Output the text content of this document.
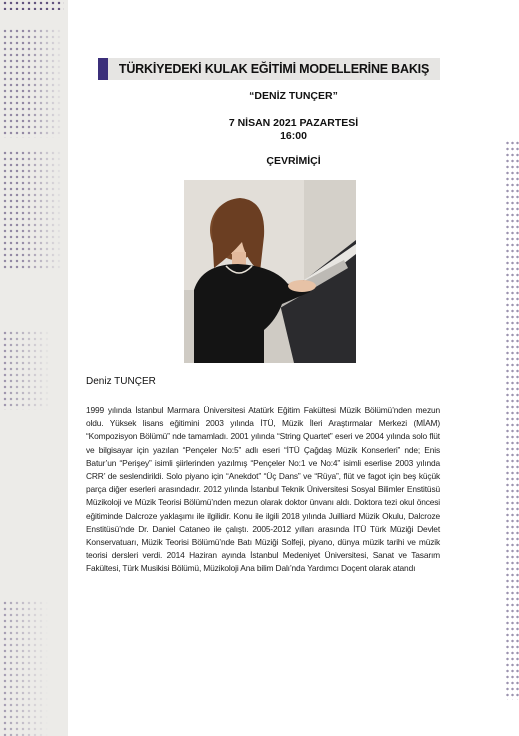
TÜRKİYEDEKİ KULAK EĞİTİMİ MODELLERİNE BAKIŞ
“DENİZ TUNÇER”
7 NİSAN 2021 PAZARTESİ
16:00
ÇEVRİMİÇİ
Deniz TUNÇER
1999 yılında İstanbul Marmara Üniversitesi Atatürk Eğitim Fakültesi Müzik Bölümü’nden mezun oldu. Yüksek lisans eğitimini 2003 yılında İTÜ, Müzik İleri Araştırmalar Merkezi (MİAM) “Kompozisyon Bölümü” nde tamamladı. 2001 yılında “String Quartet” eseri ve 2004 yılında solo flüt ve bilgisayar için yazılan “Pençeler No:5” adlı eseri “İTÜ Çağdaş Müzik Konserleri” nde; Enis Batur’un “Perişey” isimli şiirlerinden yazılmış “Pençeler No:1 ve No:4” isimli eserlise 2003 yılında CRR’ de seslendirildi. Solo piyano için “Anekdot” “Üç Dans” ve “Rüya”, flüt ve fagot için beş küçük parça diğer eserleri arasındadır. 2012 yılında İstanbul Teknik Üniversitesi Sosyal Bilimler Enstitüsü Müzikoloji ve Müzik Teorisi Bölümü’nden mezun olarak doktor ünvanı aldı. Doktora tezi okul öncesi eğitiminde Dalcroze yaklaşımı ile ilgilidir. Konu ile ilgili 2018 yılında Juilliard Müzik Okulu, Dalcroze Enstitüsü’nde Dr. Daniel Cataneo ile çalıştı. 2005-2012 yılları arasında İTÜ Türk Müziği Devlet Konservatuarı, Müzik Teorisi Bölümü’nde Batı Müziği Solfeji, piyano, dünya müzik tarihi ve müzik teorisi dersleri verdi. 2014 Haziran ayında İstanbul Medeniyet Üniversitesi, Sanat ve Tasarım Fakültesi, Türk Musikisi Bölümü, Müzikoloji Ana bilim Dalı’nda Yardımcı Doçent olarak atandı
